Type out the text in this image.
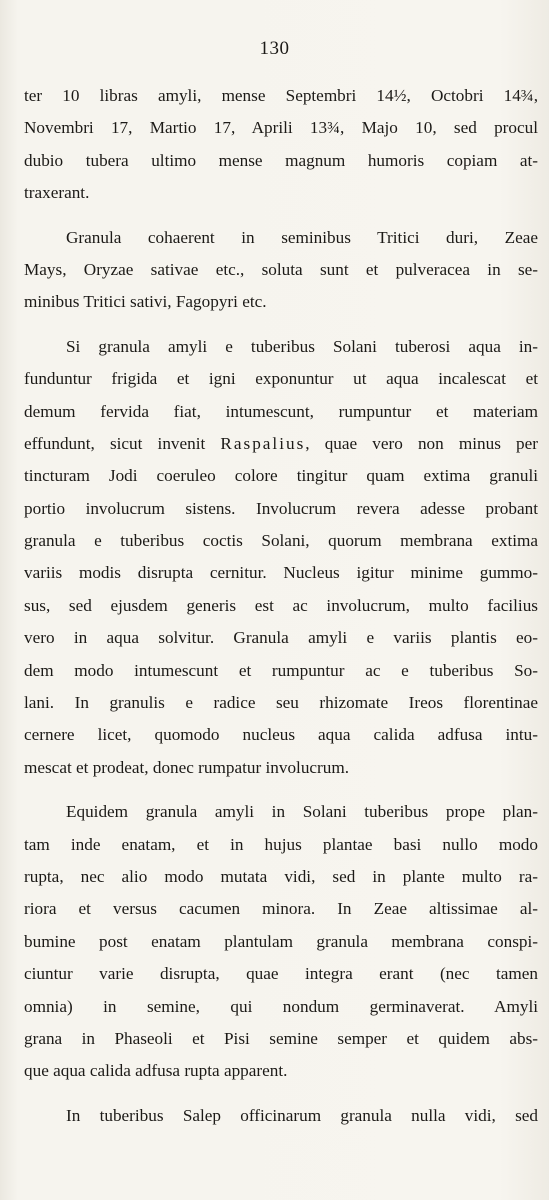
130
ter 10 libras amyli, mense Septembri 14½, Octobri 14¾,
Novembri 17, Martio 17, Aprili 13¾, Majo 10, sed procul
dubio tubera ultimo mense magnum humoris copiam at-
traxerant.
Granula cohaerent in seminibus Tritici duri, Zeae
Mays, Oryzae sativae etc., soluta sunt et pulveracea in se-
minibus Tritici sativi, Fagopyri etc.
Si granula amyli e tuberibus Solani tuberosi aqua in-
funduntur frigida et igni exponuntur ut aqua incalescat et
demum fervida fiat, intumescunt, rumpuntur et materiam
effundunt, sicut invenit Raspalius, quae vero non minus per
tincturam Jodi coeruleo colore tingitur quam extima granuli
portio involucrum sistens. Involucrum revera adesse probant
granula e tuberibus coctis Solani, quorum membrana extima
variis modis disrupta cernitur. Nucleus igitur minime gummo-
sus, sed ejusdem generis est ac involucrum, multo facilius
vero in aqua solvitur. Granula amyli e variis plantis eo-
dem modo intumescunt et rumpuntur ac e tuberibus So-
lani. In granulis e radice seu rhizomate Ireos florentinae
cernere licet, quomodo nucleus aqua calida adfusa intu-
mescat et prodeat, donec rumpatur involucrum.
Equidem granula amyli in Solani tuberibus prope plan-
tam inde enatam, et in hujus plantae basi nullo modo
rupta, nec alio modo mutata vidi, sed in plante multo ra-
riora et versus cacumen minora. In Zeae altissimae al-
bumine post enatam plantulam granula membrana conspi-
ciuntur varie disrupta, quae integra erant (nec tamen
omnia) in semine, qui nondum germinaverat. Amyli
grana in Phaseoli et Pisi semine semper et quidem abs-
que aqua calida adfusa rupta apparent.
In tuberibus Salep officinarum granula nulla vidi, sed
